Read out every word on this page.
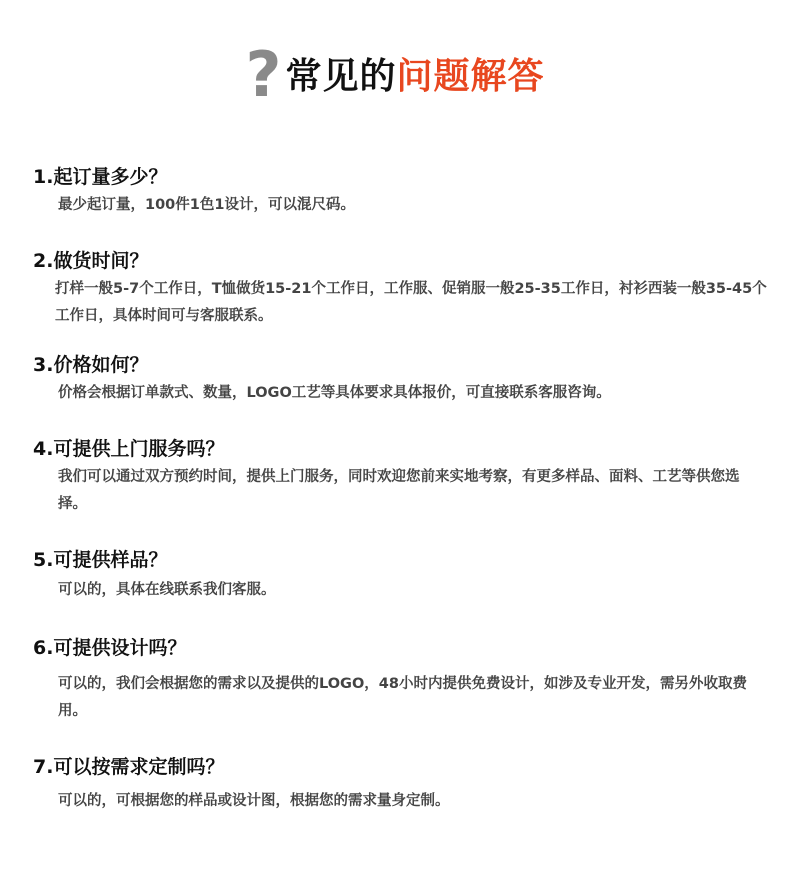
? 常见的 问题解答
1.起订量多少？
最少起订量，100件1色1设计，可以混尺码。
2.做货时间？
打样一般5-7个工作日，T恤做货15-21个工作日，工作服、促销服一般25-35工作日，衬衫西装一般35-45个工作日，具体时间可与客服联系。
3.价格如何？
价格会根据订单款式、数量，LOGO工艺等具体要求具体报价，可直接联系客服咨询。
4.可提供上门服务吗？
我们可以通过双方预约时间，提供上门服务，同时欢迎您前来实地考察，有更多样品、面料、工艺等供您选择。
5.可提供样品？
可以的，具体在线联系我们客服。
6.可提供设计吗？
可以的，我们会根据您的需求以及提供的LOGO，48小时内提供免费设计，如涉及专业开发，需另外收取费用。
7.可以按需求定制吗？
可以的，可根据您的样品或设计图，根据您的需求量身定制。
